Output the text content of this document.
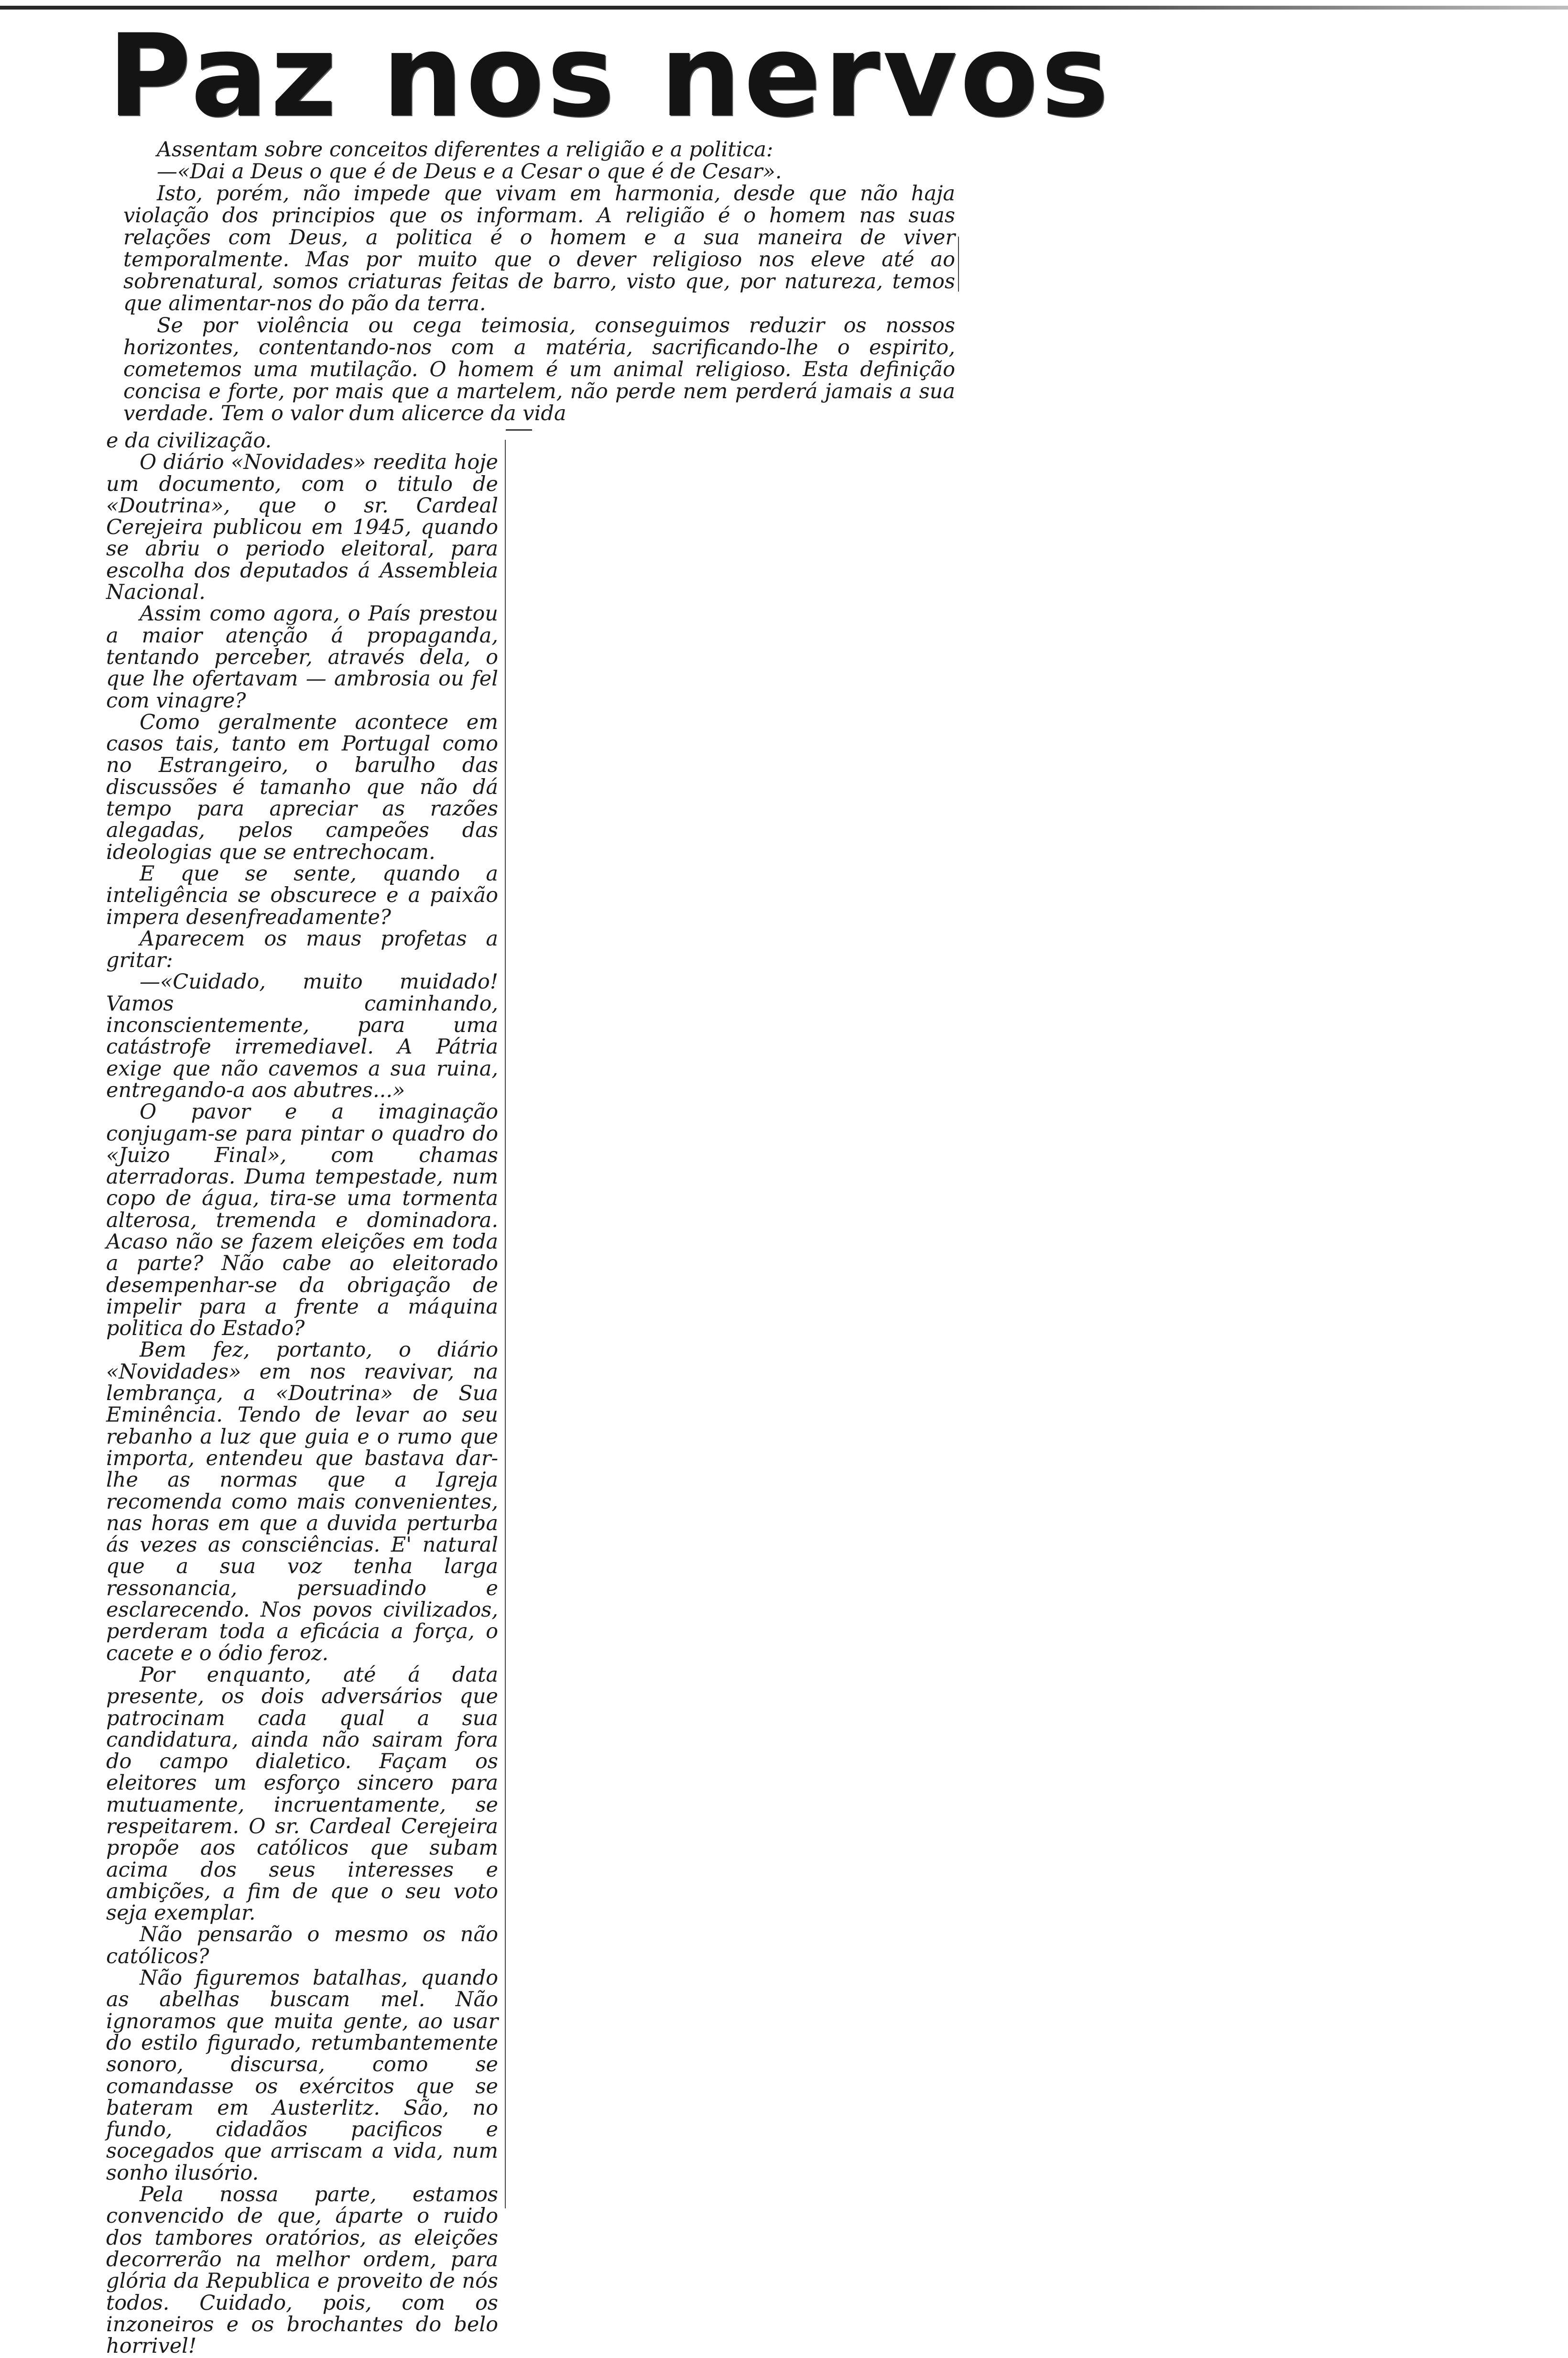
Paz nos nervos

Assentam sobre conceitos diferentes a religião e a politica:

—«Dai a Deus o que é de Deus e a Cesar o que é de Cesar».

Isto, porém, não impede que vivam em harmonia, desde que não haja violação dos principios que os informam. A religião é o homem nas suas relações com Deus, a politica é o homem e a sua maneira de viver temporalmente. Mas por muito que o dever religioso nos eleve até ao sobrenatural, somos criaturas feitas de barro, visto que, por natureza, temos que alimentar-nos do pão da terra.

Se por violência ou cega teimosia, conseguimos reduzir os nossos horizontes, contentando-nos com a matéria, sacrificando-lhe o espirito, cometemos uma mutilação. O homem é um animal religioso. Esta definição concisa e forte, por mais que a martelem, não perde nem perderá jamais a sua verdade. Tem o valor dum alicerce da vida

e da civilização.

O diário «Novidades» reedita hoje um documento, com o titulo de «Doutrina», que o sr. Cardeal Cerejeira publicou em 1945, quando se abriu o periodo eleitoral, para escolha dos deputados á Assembleia Nacional.

Assim como agora, o País prestou a maior atenção á propaganda, tentando perceber, através dela, o que lhe ofertavam — ambrosia ou fel com vinagre?

Como geralmente acontece em casos tais, tanto em Portugal como no Estrangeiro, o barulho das discussões é tamanho que não dá tempo para apreciar as razões alegadas, pelos campeões das ideologias que se entrechocam.

E que se sente, quando a inteligência se obscurece e a paixão impera desenfreadamente?

Aparecem os maus profetas a gritar:

—«Cuidado, muito muidado! Vamos caminhando, inconscientemente, para uma catástrofe irremediavel. A Pátria exige que não cavemos a sua ruina, entregando-a aos abutres...»

O pavor e a imaginação conjugam-se para pintar o quadro do «Juizo Final», com chamas aterradoras. Duma tempestade, num copo de água, tira-se uma tormenta alterosa, tremenda e dominadora. Acaso não se fazem eleições em toda a parte? Não cabe ao eleitorado desempenhar-se da obrigação de impelir para a frente a máquina politica do Estado?

Bem fez, portanto, o diário «Novidades» em nos reavivar, na lembrança, a «Doutrina» de Sua Eminência. Tendo de levar ao seu rebanho a luz que guia e o rumo que importa, entendeu que bastava dar-lhe as normas que a Igreja recomenda como mais convenientes, nas horas em que a duvida perturba ás vezes as consciências. E' natural que a sua voz tenha larga ressonancia, persuadindo e esclarecendo. Nos povos civilizados, perderam toda a eficácia a força, o cacete e o ódio feroz.

Por enquanto, até á data presente, os dois adversários que patrocinam cada qual a sua candidatura, ainda não sairam fora do campo dialetico. Façam os eleitores um esforço sincero para mutuamente, incruentamente, se respeitarem. O sr. Cardeal Cerejeira propõe aos católicos que subam acima dos seus interesses e ambições, a fim de que o seu voto seja exemplar.

Não pensarão o mesmo os não católicos?

Não figuremos batalhas, quando as abelhas buscam mel. Não ignoramos que muita gente, ao usar do estilo figurado, retumbantemente sonoro, discursa, como se comandasse os exércitos que se bateram em Austerlitz. São, no fundo, cidadãos pacificos e socegados que arriscam a vida, num sonho ilusório.

Pela nossa parte, estamos convencido de que, áparte o ruido dos tambores oratórios, as eleições decorrerão na melhor ordem, para glória da Republica e proveito de nós todos. Cuidado, pois, com os inzoneiros e os brochantes do belo horrivel!
